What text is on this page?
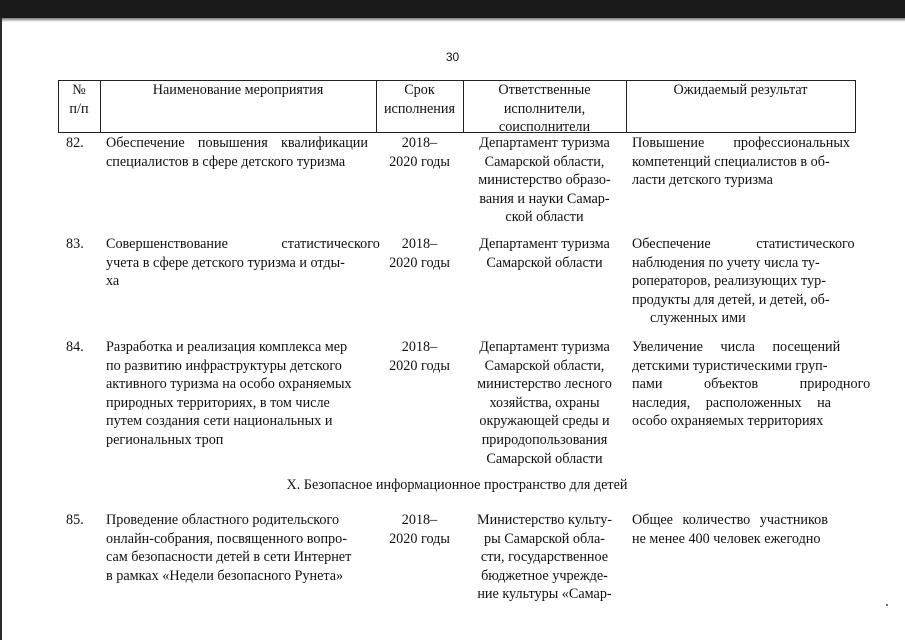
30
№
п/п
Наименование мероприятия	Срок
исполнения
Ответственные
исполнители,
соисполнители
Ожидаемый результат
82. Обеспечение повышения квалификации
специалистов в сфере детского туризма
2018–
2020 годы
Департамент туризма
Самарской области,
министерство образо-
вания и науки Самар-
ской области
Повышение профессиональных
компетенций специалистов в об-
ласти детского туризма
83. Совершенствование статистического
учета в сфере детского туризма и отды-
ха
2018–
2020 годы
Департамент туризма
Самарской области
Обеспечение статистического
наблюдения по учету числа ту-
роператоров, реализующих тур-
продукты для детей, и детей, об-
служенных ими
84. Разработка и реализация комплекса мер
по развитию инфраструктуры детского
активного туризма на особо охраняемых
природных территориях, в том числе
путем создания сети национальных и
региональных троп
2018–
2020 годы
Департамент туризма
Самарской области,
министерство лесного
хозяйства, охраны
окружающей среды и
природопользования
Самарской области
Увеличение числа посещений
детскими туристическими груп-
пами объектов природного
наследия, расположенных на
особо охраняемых территориях
X. Безопасное информационное пространство для детей
85. Проведение областного родительского
онлайн-собрания, посвященного вопро-
сам безопасности детей в сети Интернет
в рамках «Недели безопасного Рунета»
2018–
2020 годы
Министерство культу-
ры Самарской обла-
сти, государственное
бюджетное учрежде-
ние культуры «Самар-
Общее количество участников
не менее 400 человек ежегодно
